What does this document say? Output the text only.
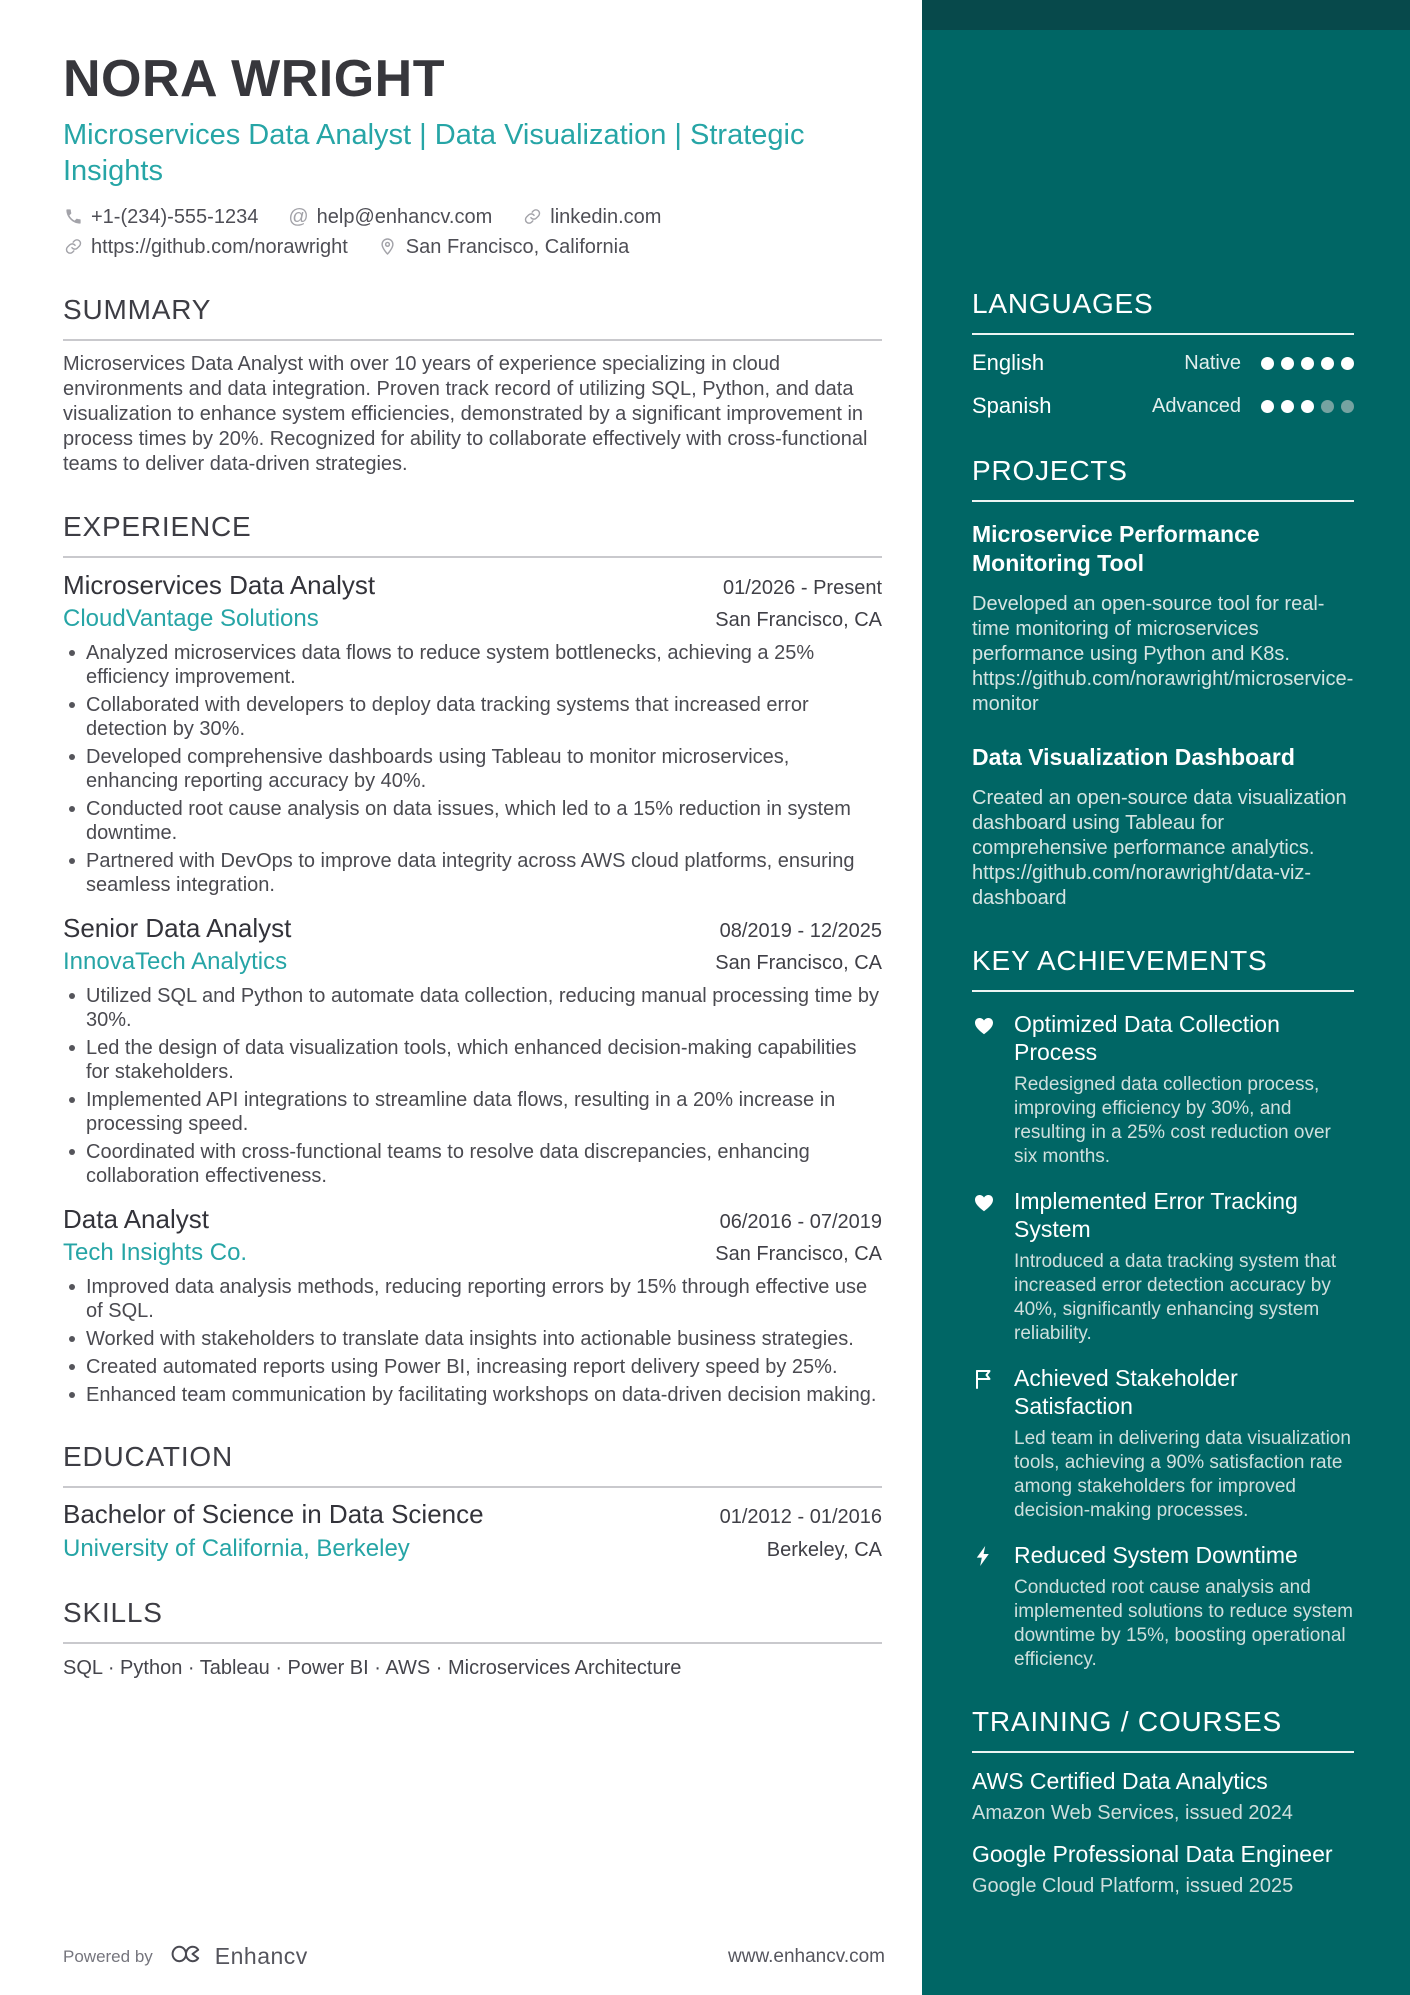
NORA WRIGHT
Microservices Data Analyst | Data Visualization | Strategic Insights
+1-(234)-555-1234 @ help@enhancv.com	linkedin.com
https://github.com/norawright	San Francisco, California
SUMMARY

Microservices Data Analyst with over 10 years of experience specializing in cloud environments and data integration. Proven track record of utilizing SQL, Python, and data visualization to enhance system efficiencies, demonstrated by a significant improvement in process times by 20%. Recognized for ability to collaborate effectively with cross-functional teams to deliver data-driven strategies.

EXPERIENCE
Microservices Data Analyst	01/2026 - Present
CloudVantage Solutions	San Francisco, CA
Analyzed microservices data flows to reduce system bottlenecks, achieving a 25% efficiency improvement.
Collaborated with developers to deploy data tracking systems that increased error detection by 30%.
Developed comprehensive dashboards using Tableau to monitor microservices, enhancing reporting accuracy by 40%.
Conducted root cause analysis on data issues, which led to a 15% reduction in system downtime.
Partnered with DevOps to improve data integrity across AWS cloud platforms, ensuring seamless integration.
Senior Data Analyst	08/2019 - 12/2025
InnovaTech Analytics	San Francisco, CA
Utilized SQL and Python to automate data collection, reducing manual processing time by 30%.
Led the design of data visualization tools, which enhanced decision-making capabilities for stakeholders.
Implemented API integrations to streamline data flows, resulting in a 20% increase in processing speed.
Coordinated with cross-functional teams to resolve data discrepancies, enhancing collaboration effectiveness.
Data Analyst	06/2016 - 07/2019
Tech Insights Co.	San Francisco, CA
Improved data analysis methods, reducing reporting errors by 15% through effective use of SQL.
Worked with stakeholders to translate data insights into actionable business strategies.
Created automated reports using Power BI, increasing report delivery speed by 25%.
Enhanced team communication by facilitating workshops on data-driven decision making.
EDUCATION
Bachelor of Science in Data Science	01/2012 - 01/2016
University of California, Berkeley	Berkeley, CA
SKILLS
SQL · Python · Tableau · Power BI · AWS · Microservices Architecture
Powered by	Enhancv	www.enhancv.com
LANGUAGES
English	Native
Spanish	Advanced
PROJECTS
Microservice Performance Monitoring Tool
Developed an open-source tool for real-time monitoring of microservices performance using Python and K8s. https://github.com/norawright/microservice-monitor
Data Visualization Dashboard
Created an open-source data visualization dashboard using Tableau for comprehensive performance analytics. https://github.com/norawright/data-viz-dashboard
KEY ACHIEVEMENTS
Optimized Data Collection Process
Redesigned data collection process, improving efficiency by 30%, and resulting in a 25% cost reduction over six months.
Implemented Error Tracking System
Introduced a data tracking system that increased error detection accuracy by 40%, significantly enhancing system reliability.
Achieved Stakeholder Satisfaction
Led team in delivering data visualization tools, achieving a 90% satisfaction rate among stakeholders for improved decision-making processes.
Reduced System Downtime
Conducted root cause analysis and implemented solutions to reduce system downtime by 15%, boosting operational efficiency.
TRAINING / COURSES
AWS Certified Data Analytics
Amazon Web Services, issued 2024
Google Professional Data Engineer
Google Cloud Platform, issued 2025
